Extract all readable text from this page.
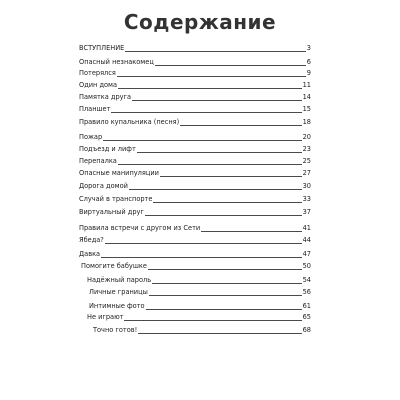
Содержание
ВСТУПЛЕНИЕ	3
Опасный незнакомец	6
Потерялся	9
Один дома	11
Памятка друга	14
Планшет	15
Правило купальника (песня)	18
Пожар	20
Подъезд и лифт	23
Перепалка	25
Опасные манипуляции	27
Дорога домой	30
Случай в транспорте	33
Виртуальный друг	37
Правила встречи с другом из Сети	41
Ябеда?	44
Давка	47
Помогите бабушке	50
Надёжный пароль	54
Личные границы	56
Интимные фото	61
Не играют	65
Точно готов!	68
